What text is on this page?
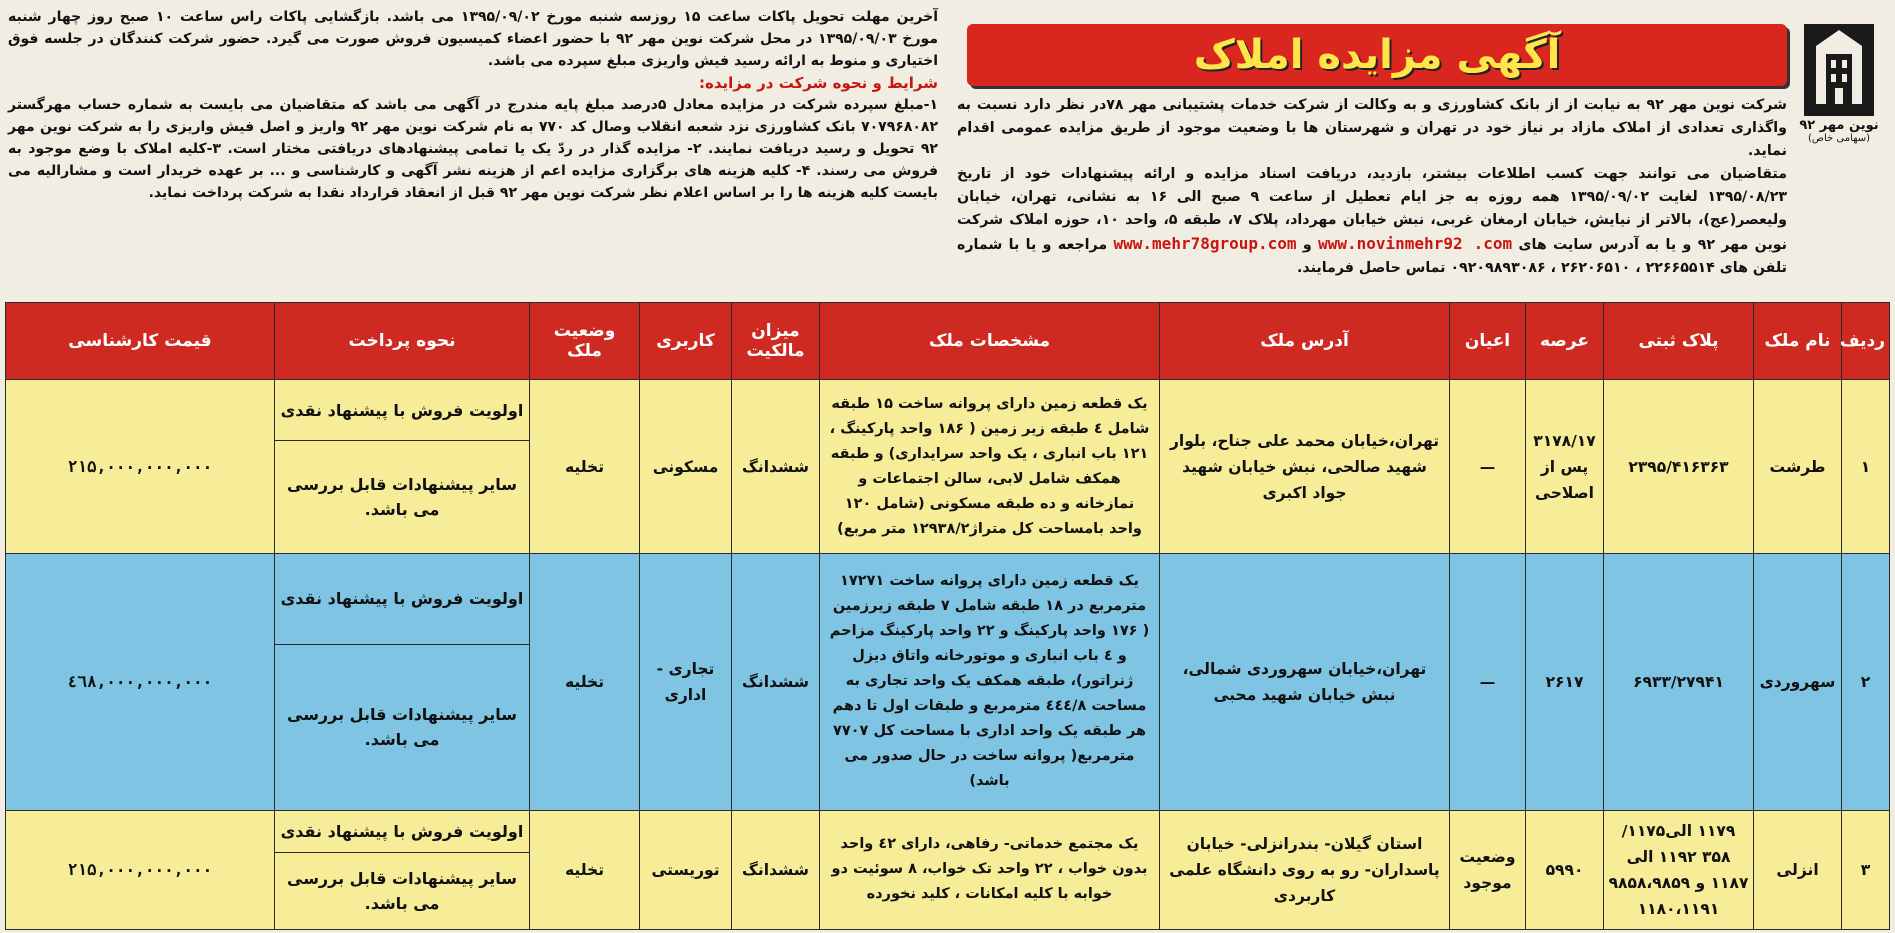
نوین مهر ۹۲
(سهامی خاص)
آگهی مزایده املاک

شرکت نوین مهر ۹۲ به نیابت از از بانک کشاورزی و به وکالت از شرکت خدمات پشتیبانی مهر ۷۸در نظر دارد نسبت به واگذاری تعدادی از املاک مازاد بر نیاز خود در تهران و شهرستان ها با وضعیت موجود از طریق مزایده عمومی اقدام نماید.

متقاضیان می توانند جهت کسب اطلاعات بیشتر، بازدید، دریافت اسناد مزایده و ارائه پیشنهادات خود از تاریخ ۱۳۹۵/۰۸/۲۳ لغایت ۱۳۹۵/۰۹/۰۲ همه روزه به جز ایام تعطیل از ساعت ۹ صبح الی ۱۶ به نشانی، تهران، خیابان ولیعصر(عج)، بالاتر از نیایش، خیابان ارمغان غربی، نبش خیابان مهرداد، پلاک ۷، طبقه ۵، واحد ۱۰، حوزه املاک شرکت نوین مهر ۹۲ و یا به آدرس سایت های www.novinmehr92 .com و www.mehr78group.com مراجعه و یا با شماره تلفن های ۲۲۶۶۵۵۱۴ ، ۲۶۲۰۶۵۱۰ ، ۰۹۲۰۹۸۹۳۰۸۶ تماس حاصل فرمایند.

آخرین مهلت تحویل پاکات ساعت ۱۵ روزسه شنبه مورخ ۱۳۹۵/۰۹/۰۲ می باشد. بازگشایی پاکات راس ساعت ۱۰ صبح روز چهار شنبه مورخ ۱۳۹۵/۰۹/۰۳ در محل شرکت نوین مهر ۹۲ با حضور اعضاء کمیسیون فروش صورت می گیرد. حضور شرکت کنندگان در جلسه فوق اختیاری و منوط به ارائه رسید فیش واریزی مبلغ سپرده می باشد.

شرایط و نحوه شرکت در مزایده:

۱-مبلغ سپرده شرکت در مزایده معادل ۵درصد مبلغ پایه مندرج در آگهی می باشد که متقاضیان می بایست به شماره حساب مهرگستر ۷۰۷۹۶۸۰۸۲ بانک کشاورزی نزد شعبه انقلاب وصال کد ۷۷۰ به نام شرکت نوین مهر ۹۲ واریز و اصل فیش واریزی را به شرکت نوین مهر ۹۲ تحویل و رسید دریافت نمایند. ۲- مزایده گذار در ردّ یک یا تمامی پیشنهادهای دریافتی مختار است. ۳-کلیه املاک با وضع موجود به فروش می رسند. ۴- کلیه هزینه های برگزاری مزایده اعم از هزینه نشر آگهی و کارشناسی و ... بر عهده خریدار است و مشارالیه می بایست کلیه هزینه ها را بر اساس اعلام نظر شرکت نوین مهر ۹۲ قبل از انعقاد قرارداد نقدا به شرکت پرداخت نماید.

ردیف	نام ملک	پلاک ثبتی	عرصه	اعیان	آدرس ملک	مشخصات ملک	میزان مالکیت	کاربری	وضعیت ملک	نحوه پرداخت	قیمت کارشناسی
۱	طرشت	۲۳۹۵/۴۱۶۳۶۳	۳۱۷۸/۱۷ پس از اصلاحی	—	تهران،خیابان محمد علی جناح، بلوار شهید صالحی، نبش خیابان شهید جواد اکبری	یک قطعه زمین دارای پروانه ساخت ۱۵ طبقه شامل ٤ طبقه زیر زمین ( ۱۸۶ واحد پارکینگ ، ۱۲۱ باب انباری ، یک واحد سرایداری) و طبقه همکف شامل لابی، سالن اجتماعات و نمازخانه و ده طبقه مسکونی (شامل ۱۲۰ واحد بامساحت کل متراژ۱۲۹۳۸/۲ متر مربع)	ششدانگ	مسکونی	تخلیه	اولویت فروش با پیشنهاد نقدی	۲۱۵,۰۰۰,۰۰۰,۰۰۰
										سایر پیشنهادات قابل بررسی می باشد.	
۲	سهروردی	۶۹۳۳/۲۷۹۴۱	۲۶۱۷	—	تهران،خیابان سهروردی شمالی، نبش خیابان شهید محبی	یک قطعه زمین دارای پروانه ساخت ۱۷۲۷۱ مترمربع در ۱۸ طبقه شامل ۷ طبقه زیرزمین ( ۱۷۶ واحد پارکینگ و ۲۲ واحد پارکینگ مزاحم و ٤ باب انباری و موتورخانه واتاق دیزل ژنراتور)، طبقه همکف یک واحد تجاری به مساحت ٤٤٤/۸ مترمربع و طبقات اول تا دهم هر طبقه یک واحد اداری با مساحت کل ۷۷۰۷ مترمربع( پروانه ساخت در حال صدور می باشد)	ششدانگ	تجاری - اداری	تخلیه	اولویت فروش با پیشنهاد نقدی	٤٦۸,۰۰۰,۰۰۰,۰۰۰
										سایر پیشنهادات قابل بررسی می باشد.	
۳	انزلی	۱۱۷۹ الی۱۱۷۵/ ۳۵۸ ۱۱۹۲ الی ۱۱۸۷ و ۹۸۵۸،۹۸۵۹ ۱۱۸۰،۱۱۹۱	۵۹۹۰	وضعیت موجود	استان گیلان- بندرانزلی- خیابان پاسداران- رو به روی دانشگاه علمی کاربردی	یک مجتمع خدماتی- رفاهی، دارای ٤۲ واحد بدون خواب ، ۲۲ واحد تک خواب، ۸ سوئیت دو خوابه با کلیه امکانات ، کلید نخورده	ششدانگ	توریستی	تخلیه	اولویت فروش با پیشنهاد نقدی	۲۱۵,۰۰۰,۰۰۰,۰۰۰
										سایر پیشنهادات قابل بررسی می باشد.	
